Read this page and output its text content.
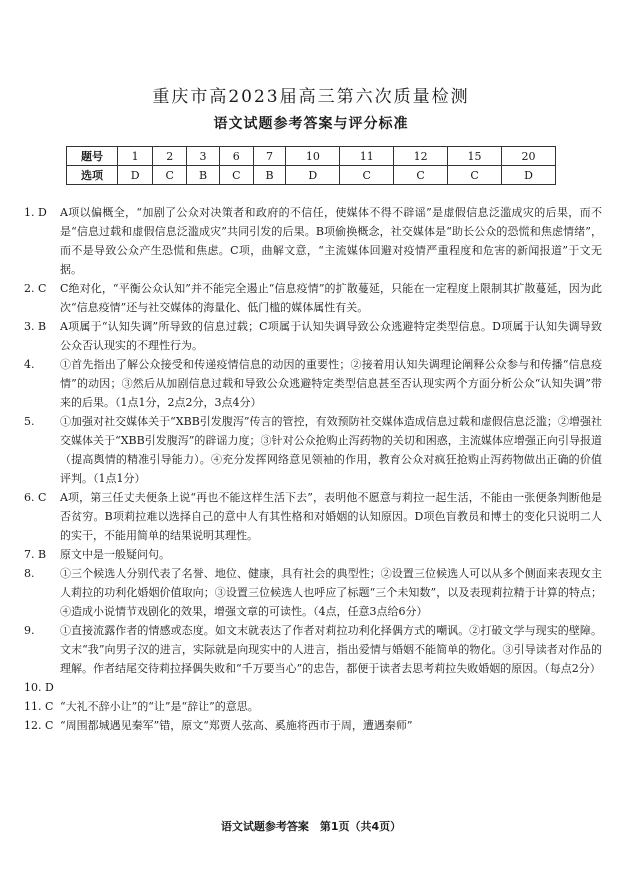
重庆市高2023届高三第六次质量检测
语文试题参考答案与评分标准
题号	1	2	3	6	7	10	11	12	15	20
选项	D	C	B	C	B	D	C	C	C	D
1. D	A项以偏概全，“加剧了公众对决策者和政府的不信任，使媒体不得不辟谣”是虚假信息泛滥成灾的后果，而不是“信息过载和虚假信息泛滥成灾”共同引发的后果。B项偷换概念，社交媒体是“助长公众的恐慌和焦虑情绪”，而不是导致公众产生恐慌和焦虑。C项，曲解文意，“主流媒体回避对疫情严重程度和危害的新闻报道”于文无据。
2. C	C绝对化，“平衡公众认知”并不能完全遏止“信息疫情”的扩散蔓延，只能在一定程度上限制其扩散蔓延，因为此次“信息疫情”还与社交媒体的海量化、低门槛的媒体属性有关。
3. B	A项属于“认知失调”所导致的信息过载；C项属于认知失调导致公众逃避特定类型信息。D项属于认知失调导致公众否认现实的不理性行为。
4.	①首先指出了解公众接受和传递疫情信息的动因的重要性；②接着用认知失调理论阐释公众参与和传播“信息疫情”的动因；③然后从加剧信息过载和导致公众逃避特定类型信息甚至否认现实两个方面分析公众“认知失调”带来的后果。（1点1分，2点2分，3点4分）
5.	①加强对社交媒体关于“XBB引发腹泻”传言的管控，有效预防社交媒体造成信息过载和虚假信息泛滥；②增强社交媒体关于“XBB引发腹泻”的辟谣力度；③针对公众抢购止泻药物的关切和困惑，主流媒体应增强正向引导报道（提高舆情的精准引导能力）。④充分发挥网络意见领袖的作用，教育公众对疯狂抢购止泻药物做出正确的价值评判。（1点1分）
6. C	A项，第三任丈夫便条上说“再也不能这样生活下去”，表明他不愿意与莉拉一起生活，不能由一张便条判断他是否贫穷。B项莉拉难以选择自己的意中人有其性格和对婚姻的认知原因。D项色盲教员和博士的变化只说明二人的实干，不能用简单的结果说明其理性。
7. B	原文中是一般疑问句。
8.	①三个候选人分别代表了名誉、地位、健康，具有社会的典型性；②设置三位候选人可以从多个侧面来表现女主人莉拉的功利化婚姻价值取向；③设置三位候选人也呼应了标题“三个未知数”，以及表现莉拉精于计算的特点；④造成小说情节戏剧化的效果，增强文章的可读性。（4点，任意3点给6分）
9.	①直接流露作者的情感或态度。如文末就表达了作者对莉拉功利化择偶方式的嘲讽。②打破文学与现实的壁障。文末“我”向男子汉的进言，实际就是向现实中的人进言，指出爱情与婚姻不能简单的物化。③引导读者对作品的理解。作者结尾交待莉拉择偶失败和“千万要当心”的忠告，都便于读者去思考莉拉失败婚姻的原因。（每点2分）
10. D
11. C “大礼不辞小让”的“让”是“辞让”的意思。
12. C “周围都城遇见秦军”错，原文“郑贾人弦高、奚施将西市于周，遭遇秦师”
语文试题参考答案　第1页（共4页）
